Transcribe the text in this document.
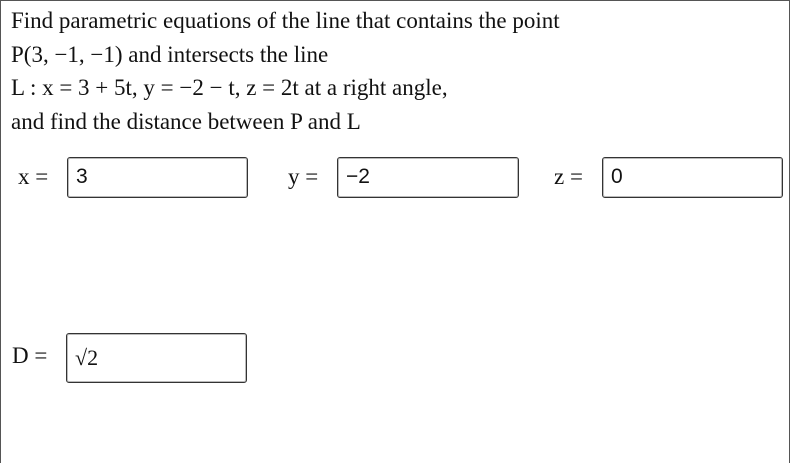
Find parametric equations of the line that contains the point
P(3, −1, −1) and intersects the line
L : x = 3 + 5t, y = −2 − t, z = 2t at a right angle,
and find the distance between P and L
x =	3	y =	−2	z =	0
D =	√2
